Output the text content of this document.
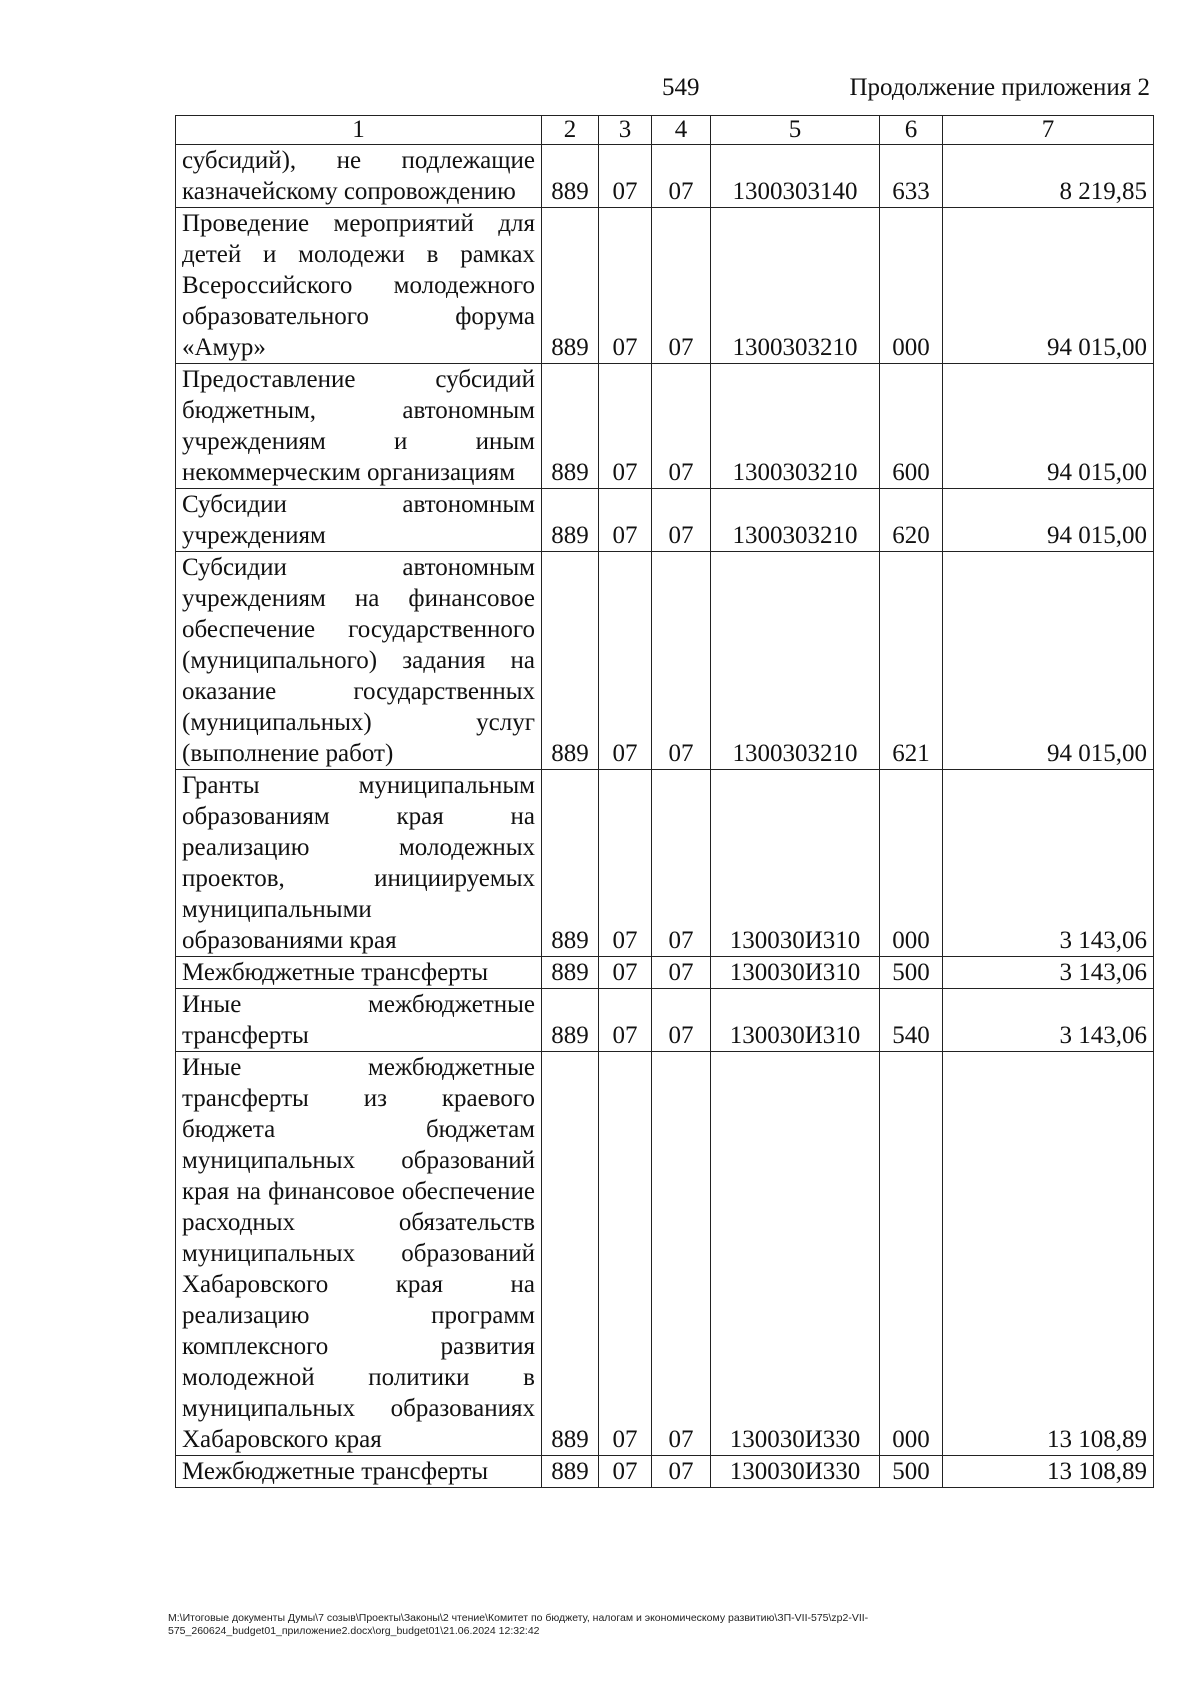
549	Продолжение приложения 2
1	2	3	4	5	6	7
субсидий), не подлежащие казначейскому сопровождению	889	07	07	1300303140	633	8 219,85
Проведение мероприятий для детей и молодежи в рамках Всероссийского молодежного образовательного форума «Амур»	889	07	07	1300303210	000	94 015,00
Предоставление субсидий бюджетным, автономным учреждениям и иным некоммерческим организациям	889	07	07	1300303210	600	94 015,00
Субсидии автономным учреждениям	889	07	07	1300303210	620	94 015,00
Субсидии автономным учреждениям на финансовое обеспечение государственного (муниципального) задания на оказание государственных (муниципальных) услуг (выполнение работ)	889	07	07	1300303210	621	94 015,00
Гранты муниципальным образованиям края на реализацию молодежных проектов, инициируемых муниципальными образованиями края	889	07	07	130030И310	000	3 143,06
Межбюджетные трансферты	889	07	07	130030И310	500	3 143,06
Иные межбюджетные трансферты	889	07	07	130030И310	540	3 143,06
Иные межбюджетные трансферты из краевого бюджета бюджетам муниципальных образований края на финансовое обеспечение расходных обязательств муниципальных образований Хабаровского края на реализацию программ комплексного развития молодежной политики в муниципальных образованиях Хабаровского края	889	07	07	130030И330	000	13 108,89
Межбюджетные трансферты	889	07	07	130030И330	500	13 108,89
M:\Итоговые документы Думы\7 созыв\Проекты\Законы\2 чтение\Комитет по бюджету, налогам и экономическому развитию\ЗП-VII-575\zp2-VII-575_260624_budget01_приложение2.docx\org_budget01\21.06.2024 12:32:42
